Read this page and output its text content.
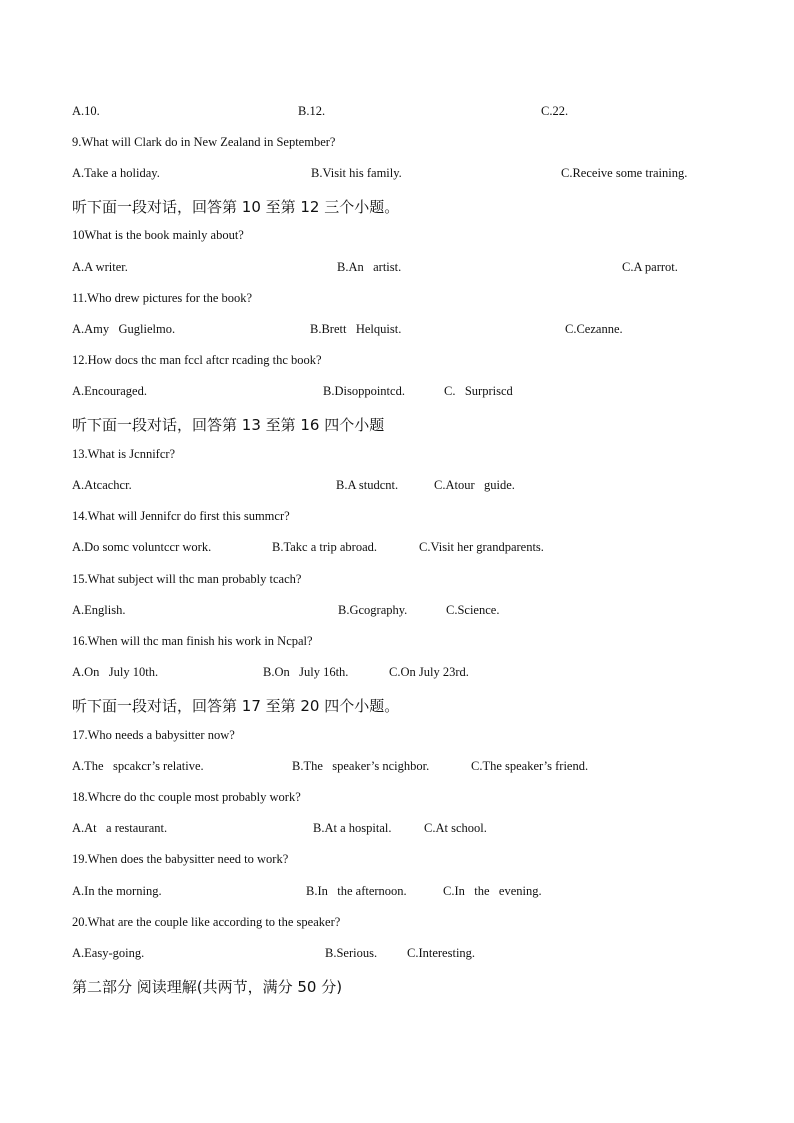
A.10.	B.12.	C.22.
9.What will Clark do in New Zealand in September?
A.Take a holiday.	B.Visit his family.	C.Receive some training.
听下面一段对话，回答第 10 至第 12 三个小题。
10What is the book mainly about?
A.A writer.	B.An   artist.	C.A parrot.
11.Who drew pictures for the book?
A.Amy   Guglielmo.	B.Brett   Helquist.	C.Cezanne.
12.How docs thc man fccl aftcr rcading thc book?
A.Encouraged.	B.Disoppointcd.	C.   Surpriscd
听下面一段对话，回答第 13 至第 16 四个小题
13.What is Jcnnifcr?
A.Atcachcr.	B.A studcnt.	C.Atour   guide.
14.What will Jennifcr do first this summcr?
A.Do somc voluntccr work.	B.Takc a trip abroad.	C.Visit her grandparents.
15.What subject will thc man probably tcach?
A.English.	B.Gcography.	C.Science.
16.When will thc man finish his work in Ncpal?
A.On   July 10th.	B.On   July 16th.	C.On July 23rd.
听下面一段对话，回答第 17 至第 20 四个小题。
17.Who needs a babysitter now?
A.The   spcakcr’s relative.	B.The   speaker’s ncighbor.	C.The speaker’s friend.
18.Whcre do thc couple most probably work?
A.At   a restaurant.	B.At a hospital.	C.At school.
19.When does the babysitter need to work?
A.In the morning.	B.In   the afternoon.	C.In   the   evening.
20.What are the couple like according to the speaker?
A.Easy-going.	B.Serious. C.Interesting.
第二部分 阅读理解(共两节，满分 50 分)
